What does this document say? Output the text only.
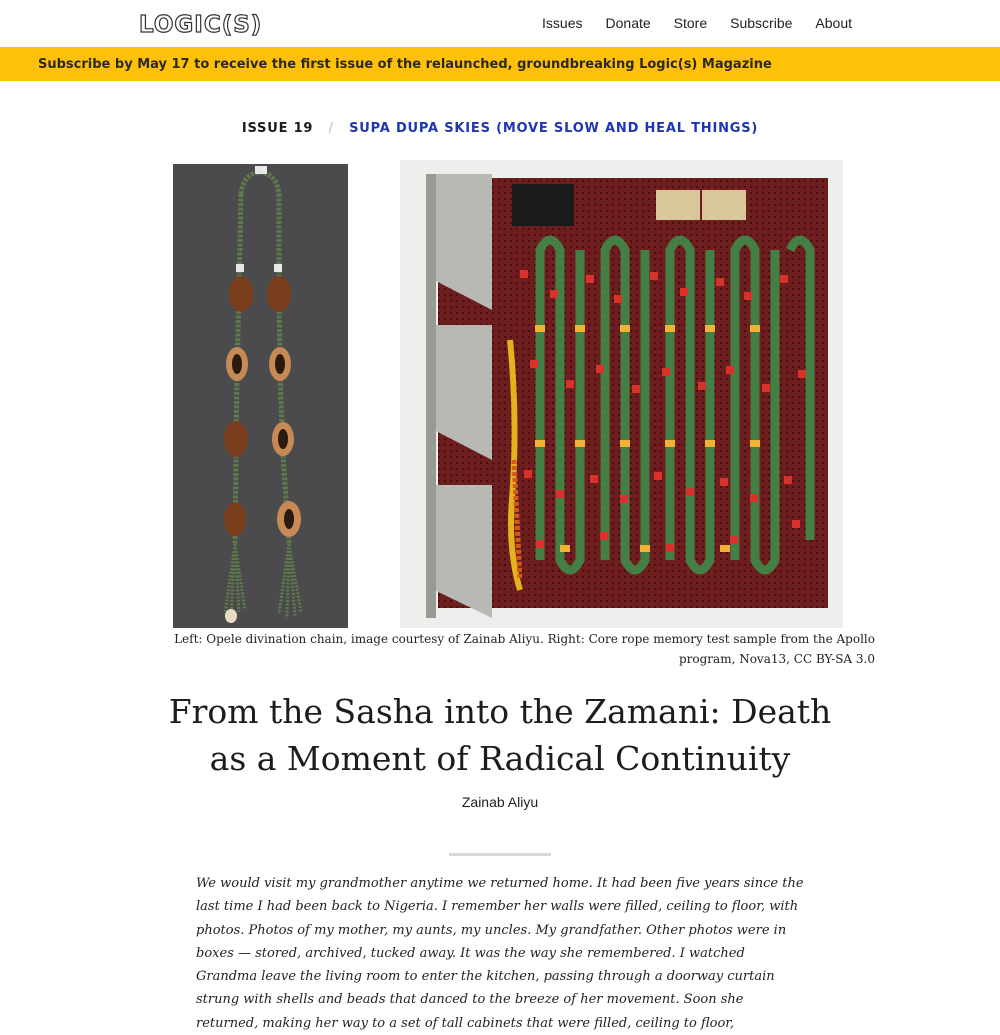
LOGIC(S)	Issues Donate Store Subscribe About
Subscribe by May 17 to receive the first issue of the relaunched, groundbreaking Logic(s) Magazine
ISSUE 19 / SUPA DUPA SKIES (MOVE SLOW AND HEAL THINGS)
Left: Opele divination chain, image courtesy of Zainab Aliyu. Right: Core rope memory test sample from the Apollo program, Nova13, CC BY-SA 3.0
From the Sasha into the Zamani: Death as a Moment of Radical Continuity
Zainab Aliyu

We would visit my grandmother anytime we returned home. It had been five years since the last time I had been back to Nigeria. I remember her walls were filled, ceiling to floor, with photos. Photos of my mother, my aunts, my uncles. My grandfather. Other photos were in boxes — stored, archived, tucked away. It was the way she remembered. I watched Grandma leave the living room to enter the kitchen, passing through a doorway curtain strung with shells and beads that danced to the breeze of her movement. Soon she returned, making her way to a set of tall cabinets that were filled, ceiling to floor,
